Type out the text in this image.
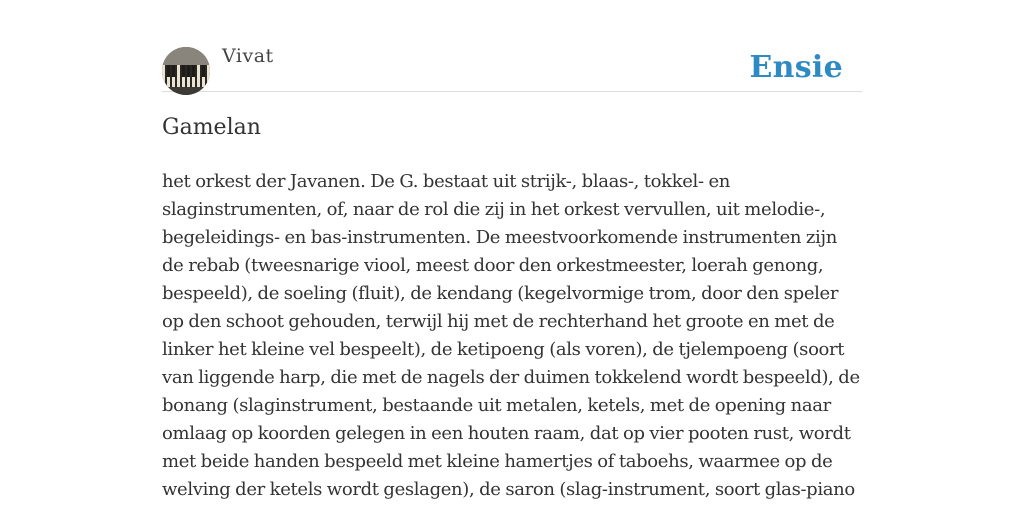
Vivat	Ensie
Gamelan

het orkest der Javanen. De G. bestaat uit strijk-, blaas-, tokkel- en slaginstrumenten, of, naar de rol die zij in het orkest vervullen, uit melodie-, begeleidings- en bas-instrumenten. De meestvoorkomende instrumenten zijn de rebab (tweesnarige viool, meest door den orkestmeester, loerah genong, bespeeld), de soeling (fluit), de kendang (kegelvormige trom, door den speler op den schoot gehouden, terwijl hij met de rechterhand het groote en met de linker het kleine vel bespeelt), de ketipoeng (als voren), de tjelempoeng (soort van liggende harp, die met de nagels der duimen tokkelend wordt bespeeld), de bonang (slaginstrument, bestaande uit metalen, ketels, met de opening naar omlaag op koorden gelegen in een houten raam, dat op vier pooten rust, wordt met beide handen bespeeld met kleine hamertjes of taboehs, waarmee op de welving der ketels wordt geslagen), de saron (slag-instrument, soort glas-piano
